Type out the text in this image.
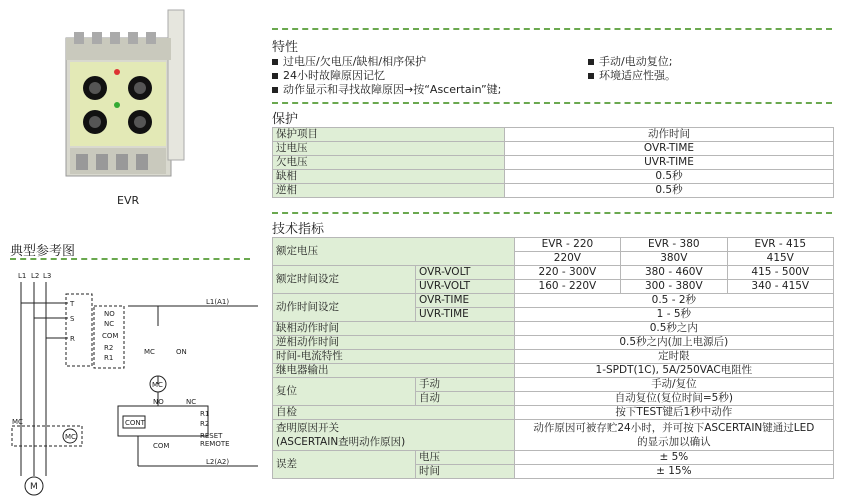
EVR
典型参考图
L1 L2 L3
T
S
R
NO
NC
COM
R2
R1
L1(A1)
L2(A2)
MC	ON
MC
CONT
NO	NC
COM
R1
R2
RESET
REMOTE
MC
MC
M
特性
过电压/欠电压/缺相/相序保护
24小时故障原因记忆
动作显示和寻找故障原因→按“Ascertain”键;
手动/电动复位;
环境适应性强。
保护
保护项目	动作时间
过电压	OVR-TIME
欠电压	UVR-TIME
缺相	0.5秒
逆相	0.5秒
技术指标
额定电压		EVR - 220	EVR - 380	EVR - 415
		220V	380V	415V
额定时间设定	OVR-VOLT	220 - 300V	380 - 460V	415 - 500V
	UVR-VOLT	160 - 220V	300 - 380V	340 - 415V
动作时间设定	OVR-TIME	0.5 - 2秒		
	UVR-TIME	1 - 5秒		
缺相动作时间		0.5秒之内		
逆相动作时间		0.5秒之内(加上电源后)		
时间-电流特性		定时限		
继电器输出		1-SPDT(1C), 5A/250VAC电阻性		
复位	手动	手动/复位		
	自动	自动复位(复位时间=5秒)		
自检		按下TEST键后1秒中动作		
查明原因开关
(ASCERTAIN查明动作原因)		动作原因可被存贮24小时，并可按下ASCERTAIN键通过LED
的显示加以确认		
误差	电压	± 5%		
	时间	± 15%		
